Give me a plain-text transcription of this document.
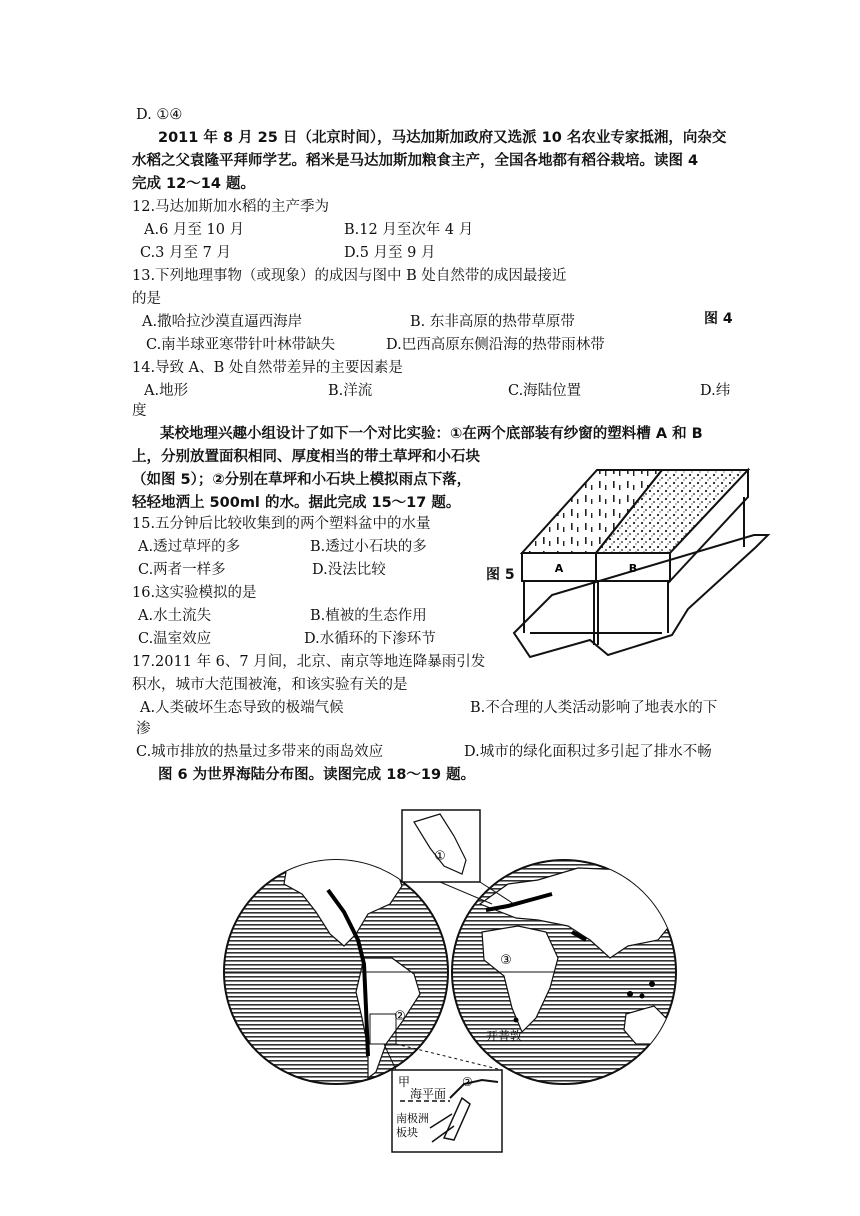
D. ①④
2011 年 8 月 25 日（北京时间），马达加斯加政府又选派 10 名农业专家抵湘，向杂交
水稻之父袁隆平拜师学艺。稻米是马达加斯加粮食主产，全国各地都有稻谷栽培。读图 4
完成 12～14 题。
12.马达加斯加水稻的主产季为
A.6 月至 10 月	B.12 月至次年 4 月
C.3 月至 7 月	D.5 月至 9 月
13.下列地理事物（或现象）的成因与图中 B 处自然带的成因最接近
的是
A.撒哈拉沙漠直逼西海岸	B. 东非高原的热带草原带	图 4
C.南半球亚寒带针叶林带缺失	D.巴西高原东侧沿海的热带雨林带
14.导致 A、B 处自然带差异的主要因素是
A.地形	B.洋流	C.海陆位置	D.纬
度
某校地理兴趣小组设计了如下一个对比实验：①在两个底部装有纱窗的塑料槽 A 和 B
上，分别放置面积相同、厚度相当的带土草坪和小石块
（如图 5）；②分别在草坪和小石块上模拟雨点下落，
轻轻地洒上 500ml 的水。据此完成 15～17 题。
15.五分钟后比较收集到的两个塑料盆中的水量
A.透过草坪的多	B.透过小石块的多
C.两者一样多	D.没法比较	图 5
16.这实验模拟的是
A.水土流失	B.植被的生态作用
C.温室效应	D.水循环的下渗环节
17.2011 年 6、7 月间，北京、南京等地连降暴雨引发
积水，城市大范围被淹，和该实验有关的是
A.人类破坏生态导致的极端气候	B.不合理的人类活动影响了地表水的下
渗
C.城市排放的热量过多带来的雨岛效应	D.城市的绿化面积过多引起了排水不畅
图 6 为世界海陆分布图。读图完成 18～19 题。
A	B
①
②
③
开普敦
甲	②
海平面
南极洲
板块
